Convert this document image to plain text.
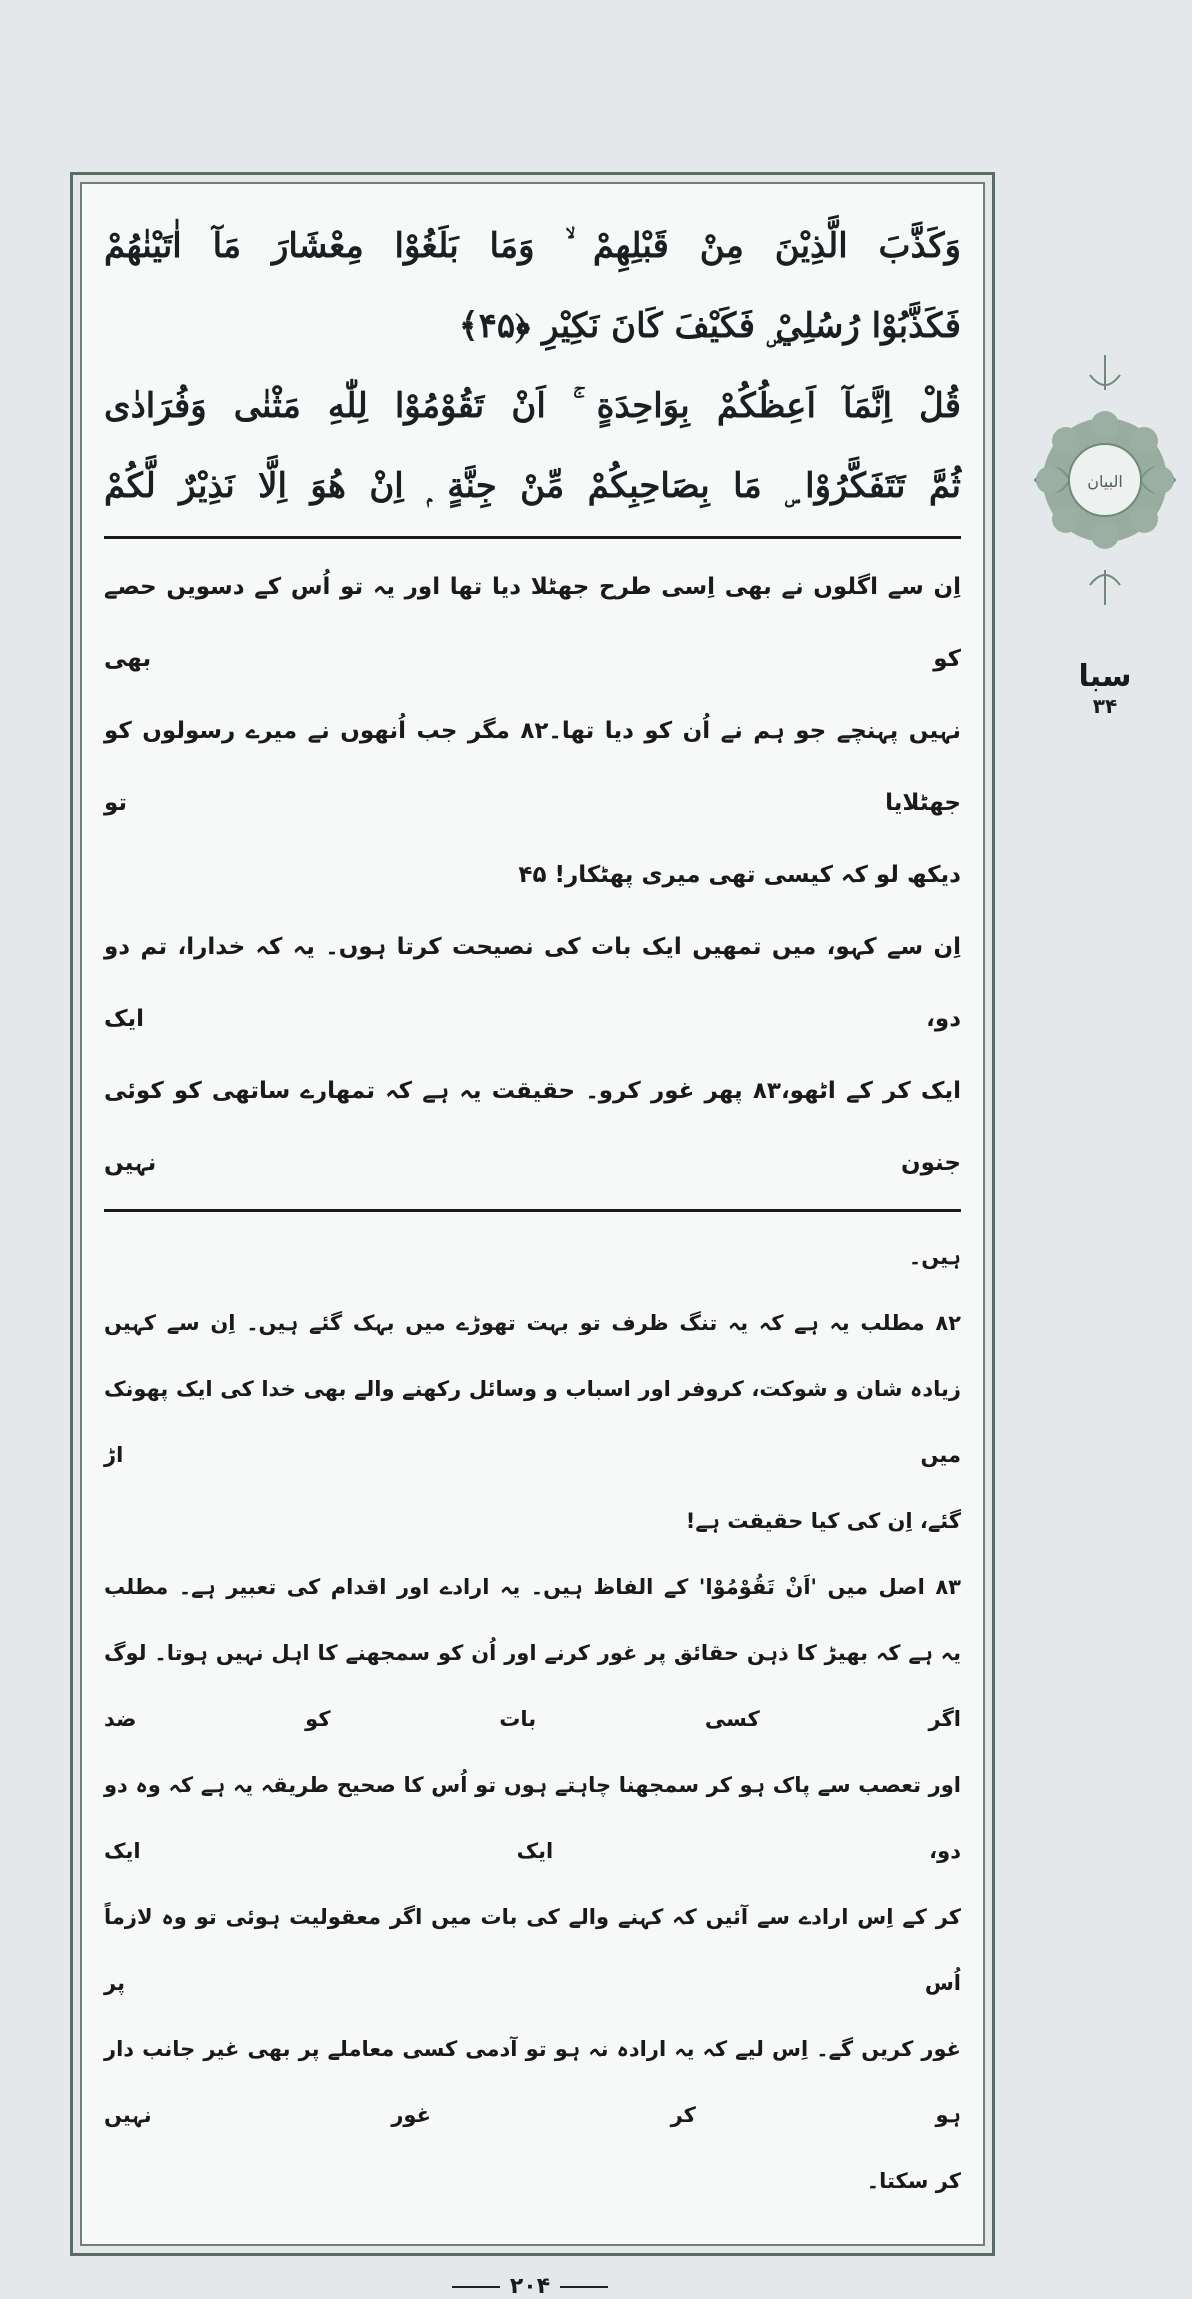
وَكَذَّبَ الَّذِيْنَ مِنْ قَبْلِهِمْ ۙ وَمَا بَلَغُوْا مِعْشَارَ مَآ اٰتَيْنٰهُمْ
فَكَذَّبُوْا رُسُلِيْ ۣ فَكَيْفَ كَانَ نَكِيْرِ ﴿۴۵﴾
قُلْ اِنَّمَآ اَعِظُكُمْ بِوَاحِدَةٍ ۚ اَنْ تَقُوْمُوْا لِلّٰهِ مَثْنٰى وَفُرَادٰى
ثُمَّ تَتَفَكَّرُوْا ۣ مَا بِصَاحِبِكُمْ مِّنْ جِنَّةٍ ۭ اِنْ هُوَ اِلَّا نَذِيْرٌ لَّكُمْ
اِن سے اگلوں نے بھی اِسی طرح جھٹلا دیا تھا اور یہ تو اُس کے دسویں حصے کو بھی
نہیں پہنچے جو ہم نے اُن کو دیا تھا۔٨٢ مگر جب اُنھوں نے میرے رسولوں کو جھٹلایا تو
دیکھ لو کہ کیسی تھی میری پھٹکار! ۴۵
اِن سے کہو، میں تمھیں ایک بات کی نصیحت کرتا ہوں۔ یہ کہ خدارا، تم دو دو، ایک
ایک کر کے اٹھو،٨٣ پھر غور کرو۔ حقیقت یہ ہے کہ تمھارے ساتھی کو کوئی جنون نہیں
ہیں۔
٨٢ مطلب یہ ہے کہ یہ تنگ ظرف تو بہت تھوڑے میں بہک گئے ہیں۔ اِن سے کہیں
زیادہ شان و شوکت، کروفر اور اسباب و وسائل رکھنے والے بھی خدا کی ایک پھونک میں اڑ
گئے، اِن کی کیا حقیقت ہے!
٨٣ اصل میں 'اَنْ تَقُوْمُوْا' کے الفاظ ہیں۔ یہ ارادے اور اقدام کی تعبیر ہے۔ مطلب
یہ ہے کہ بھیڑ کا ذہن حقائق پر غور کرنے اور اُن کو سمجھنے کا اہل نہیں ہوتا۔ لوگ اگر کسی بات کو ضد
اور تعصب سے پاک ہو کر سمجھنا چاہتے ہوں تو اُس کا صحیح طریقہ یہ ہے کہ وہ دو دو، ایک ایک
کر کے اِس ارادے سے آئیں کہ کہنے والے کی بات میں اگر معقولیت ہوئی تو وہ لازماً اُس پر
غور کریں گے۔ اِس لیے کہ یہ ارادہ نہ ہو تو آدمی کسی معاملے پر بھی غیر جانب دار ہو کر غور نہیں
کر سکتا۔
البيان
سبا
۳۴
۲۰۴
